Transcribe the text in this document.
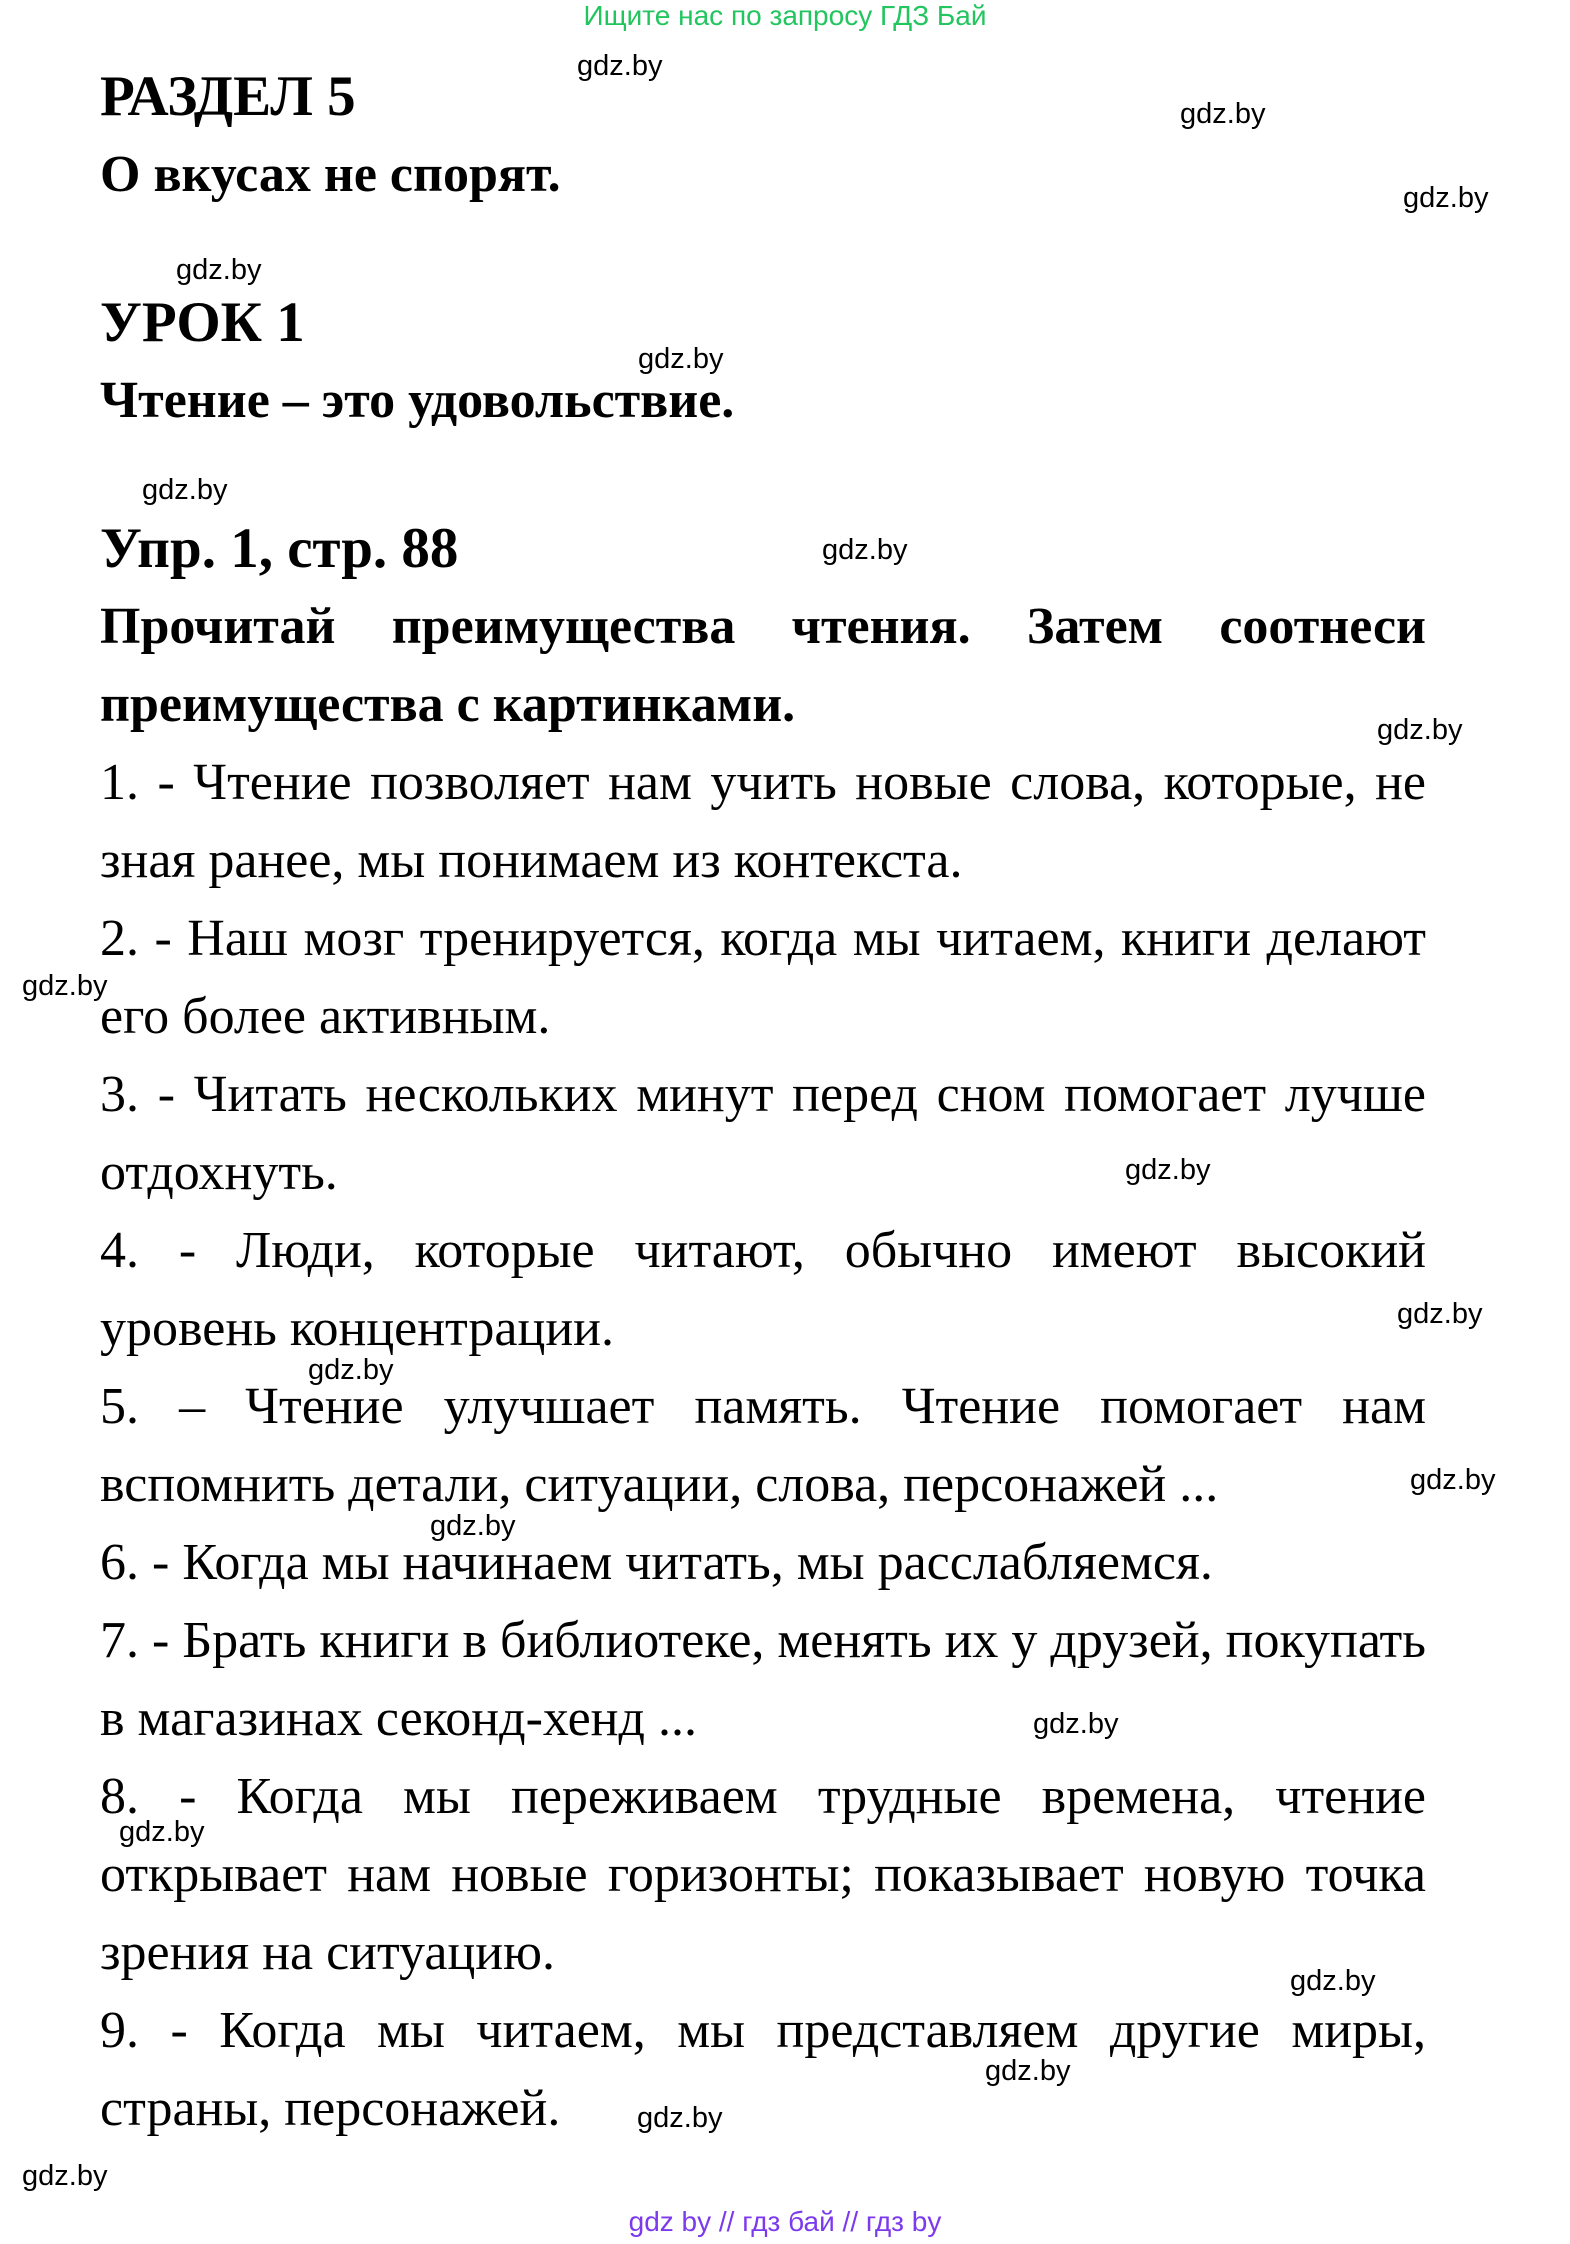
Ищите нас по запросу ГДЗ Бай
РАЗДЕЛ 5
О вкусах не спорят.
УРОК 1
Чтение – это удовольствие.
Упр. 1, стр. 88
Прочитай преимущества чтения. Затем соотнеси преимущества с картинками.
1. - Чтение позволяет нам учить новые слова, которые, не зная ранее, мы понимаем из контекста.
2. - Наш мозг тренируется, когда мы читаем, книги делают его более активным.
3. - Читать нескольких минут перед сном помогает лучше отдохнуть.
4. - Люди, которые читают, обычно имеют высокий уровень концентрации.
5. – Чтение улучшает память. Чтение помогает нам вспомнить детали, ситуации, слова, персонажей ...
6. - Когда мы начинаем читать, мы расслабляемся.
7. - Брать книги в библиотеке, менять их у друзей, покупать в магазинах секонд-хенд ...
8. - Когда мы переживаем трудные времена, чтение открывает нам новые горизонты; показывает новую точка зрения на ситуацию.
9. - Когда мы читаем, мы представляем другие миры, страны, персонажей.
gdz.by
gdz.by
gdz.by
gdz.by
gdz.by
gdz.by
gdz.by
gdz.by
gdz.by
gdz.by
gdz.by
gdz.by
gdz.by
gdz.by
gdz.by
gdz.by
gdz.by
gdz.by
gdz.by
gdz.by
gdz by // гдз бай // гдз by
